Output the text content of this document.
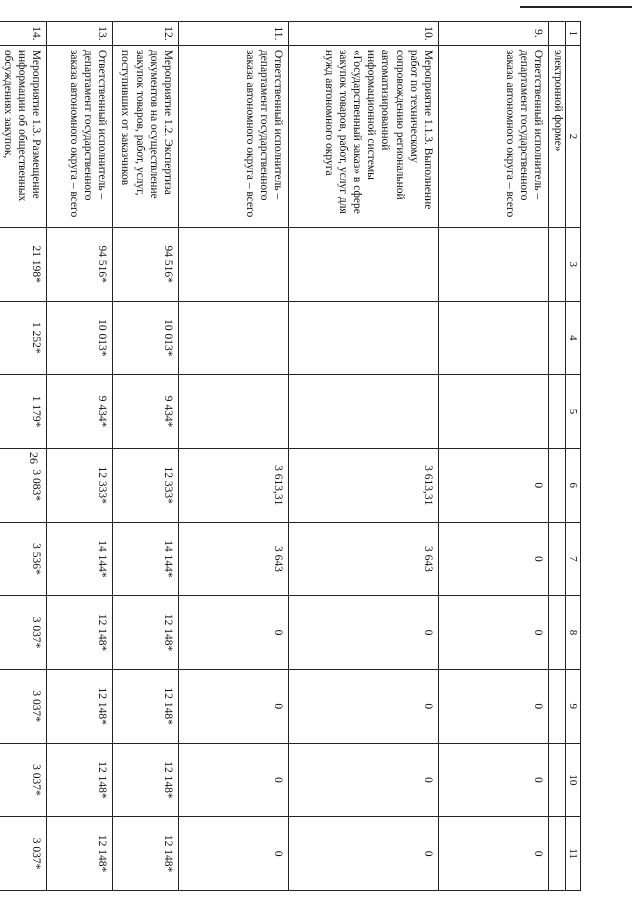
26
1	2	3	4	5	6	7	8	9	10	11
	электронной форме»									
9.	Ответственный исполнитель – департамент государственного заказа автономного округа – всего				0	0	0	0	0	0
10.	Мероприятие 1.1.3. Выполнение работ по техническому сопровождению региональной автоматизированной информационной системы «Государственный заказ» в сфере закупок товаров, работ, услуг для нужд автономного округа				3 613,31	3 643	0	0	0	0
11.	Ответственный исполнитель – департамент государственного заказа автономного округа – всего				3 613,31	3 643	0	0	0	0
12.	Мероприятие 1.2. Экспертиза документов на осуществление закупок товаров, работ, услуг, поступивших от заказчиков	94 516*	10 013*	9 434*	12 333*	14 144*	12 148*	12 148*	12 148*	12 148*
13.	Ответственный исполнитель – департамент государственного заказа автономного округа – всего	94 516*	10 013*	9 434*	12 333*	14 144*	12 148*	12 148*	12 148*	12 148*
14.	Мероприятие 1.3. Размещение информации об общественных обсуждениях закупок,	21 198*	1 252*	1 179*	3 083*	3 536*	3 037*	3 037*	3 037*	3 037*
